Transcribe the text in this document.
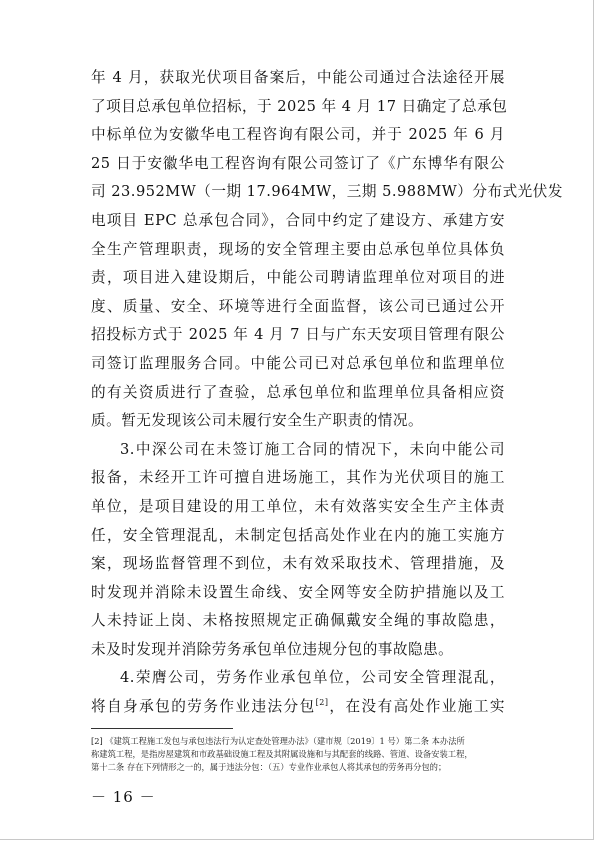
年 4 月，获取光伏项目备案后，中能公司通过合法途径开展
了项目总承包单位招标，于 2025 年 4 月 17 日确定了总承包
中标单位为安徽华电工程咨询有限公司，并于 2025 年 6 月
25 日于安徽华电工程咨询有限公司签订了《广东博华有限公
司 23.952MW（一期 17.964MW，三期 5.988MW）分布式光伏发
电项目 EPC 总承包合同》，合同中约定了建设方、承建方安
全生产管理职责，现场的安全管理主要由总承包单位具体负
责，项目进入建设期后，中能公司聘请监理单位对项目的进
度、质量、安全、环境等进行全面监督，该公司已通过公开
招投标方式于 2025 年 4 月 7 日与广东天安项目管理有限公
司签订监理服务合同。中能公司已对总承包单位和监理单位
的有关资质进行了查验，总承包单位和监理单位具备相应资
质。暂无发现该公司未履行安全生产职责的情况。
3.中深公司在未签订施工合同的情况下，未向中能公司
报备，未经开工许可擅自进场施工，其作为光伏项目的施工
单位，是项目建设的用工单位，未有效落实安全生产主体责
任，安全管理混乱，未制定包括高处作业在内的施工实施方
案，现场监督管理不到位，未有效采取技术、管理措施，及
时发现并消除未设置生命线、安全网等安全防护措施以及工
人未持证上岗、未格按照规定正确佩戴安全绳的事故隐患，
未及时发现并消除劳务承包单位违规分包的事故隐患。
4.荣膺公司，劳务作业承包单位，公司安全管理混乱，
将自身承包的劳务作业违法分包[2]，在没有高处作业施工实
[2] 《建筑工程施工发包与承包违法行为认定查处管理办法》（建市规〔2019〕1 号）第二条 本办法所
称建筑工程，是指房屋建筑和市政基础设施工程及其附属设施和与其配套的线路、管道、设备安装工程，
第十二条 存在下列情形之一的，属于违法分包：（五）专业作业承包人将其承包的劳务再分包的；
－ 16 －
